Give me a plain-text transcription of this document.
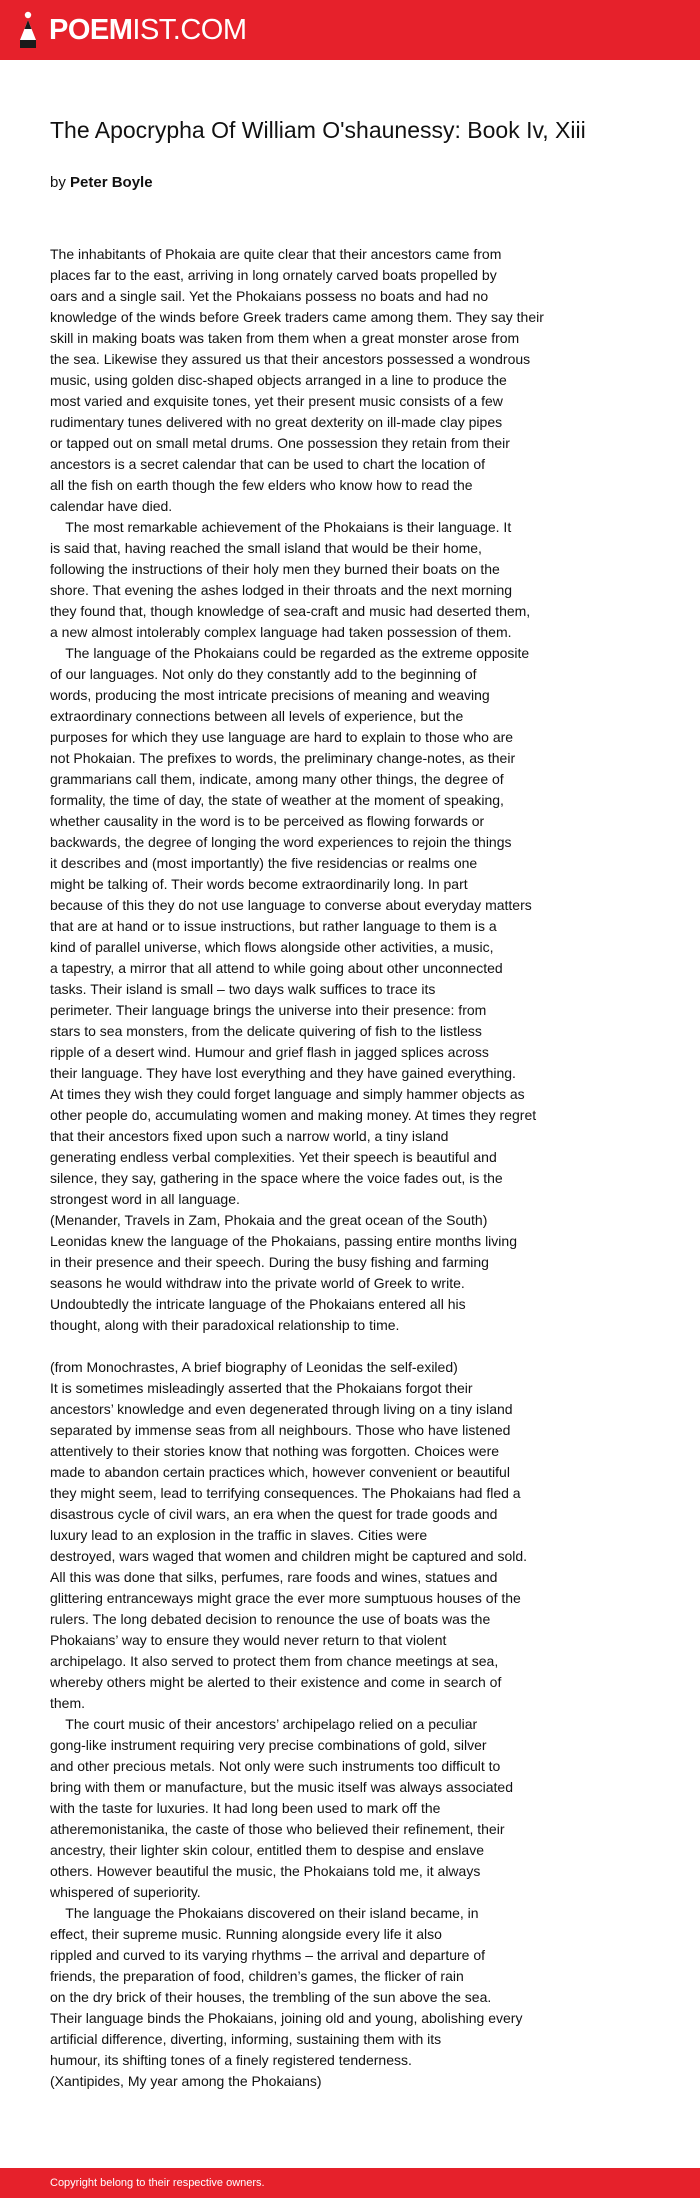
POEMIST.COM
The Apocrypha Of William O'shaunessy: Book Iv, Xiii
by Peter Boyle
The inhabitants of Phokaia are quite clear that their ancestors came from
places far to the east, arriving in long ornately carved boats propelled by
oars and a single sail. Yet the Phokaians possess no boats and had no
knowledge of the winds before Greek traders came among them. They say their
skill in making boats was taken from them when a great monster arose from
the sea. Likewise they assured us that their ancestors possessed a wondrous
music, using golden disc-shaped objects arranged in a line to produce the
most varied and exquisite tones, yet their present music consists of a few
rudimentary tunes delivered with no great dexterity on ill-made clay pipes
or tapped out on small metal drums. One possession they retain from their
ancestors is a secret calendar that can be used to chart the location of
all the fish on earth though the few elders who know how to read the
calendar have died.
The most remarkable achievement of the Phokaians is their language. It
is said that, having reached the small island that would be their home,
following the instructions of their holy men they burned their boats on the
shore. That evening the ashes lodged in their throats and the next morning
they found that, though knowledge of sea-craft and music had deserted them,
a new almost intolerably complex language had taken possession of them.
The language of the Phokaians could be regarded as the extreme opposite
of our languages. Not only do they constantly add to the beginning of
words, producing the most intricate precisions of meaning and weaving
extraordinary connections between all levels of experience, but the
purposes for which they use language are hard to explain to those who are
not Phokaian. The prefixes to words, the preliminary change-notes, as their
grammarians call them, indicate, among many other things, the degree of
formality, the time of day, the state of weather at the moment of speaking,
whether causality in the word is to be perceived as flowing forwards or
backwards, the degree of longing the word experiences to rejoin the things
it describes and (most importantly) the five residencias or realms one
might be talking of. Their words become extraordinarily long. In part
because of this they do not use language to converse about everyday matters
that are at hand or to issue instructions, but rather language to them is a
kind of parallel universe, which flows alongside other activities, a music,
a tapestry, a mirror that all attend to while going about other unconnected
tasks. Their island is small – two days walk suffices to trace its
perimeter. Their language brings the universe into their presence: from
stars to sea monsters, from the delicate quivering of fish to the listless
ripple of a desert wind. Humour and grief flash in jagged splices across
their language. They have lost everything and they have gained everything.
At times they wish they could forget language and simply hammer objects as
other people do, accumulating women and making money. At times they regret
that their ancestors fixed upon such a narrow world, a tiny island
generating endless verbal complexities. Yet their speech is beautiful and
silence, they say, gathering in the space where the voice fades out, is the
strongest word in all language.
(Menander, Travels in Zam, Phokaia and the great ocean of the South)
Leonidas knew the language of the Phokaians, passing entire months living
in their presence and their speech. During the busy fishing and farming
seasons he would withdraw into the private world of Greek to write.
Undoubtedly the intricate language of the Phokaians entered all his
thought, along with their paradoxical relationship to time.
(from Monochrastes, A brief biography of Leonidas the self-exiled)
It is sometimes misleadingly asserted that the Phokaians forgot their
ancestors’ knowledge and even degenerated through living on a tiny island
separated by immense seas from all neighbours. Those who have listened
attentively to their stories know that nothing was forgotten. Choices were
made to abandon certain practices which, however convenient or beautiful
they might seem, lead to terrifying consequences. The Phokaians had fled a
disastrous cycle of civil wars, an era when the quest for trade goods and
luxury lead to an explosion in the traffic in slaves. Cities were
destroyed, wars waged that women and children might be captured and sold.
All this was done that silks, perfumes, rare foods and wines, statues and
glittering entranceways might grace the ever more sumptuous houses of the
rulers. The long debated decision to renounce the use of boats was the
Phokaians’ way to ensure they would never return to that violent
archipelago. It also served to protect them from chance meetings at sea,
whereby others might be alerted to their existence and come in search of
them.
The court music of their ancestors’ archipelago relied on a peculiar
gong-like instrument requiring very precise combinations of gold, silver
and other precious metals. Not only were such instruments too difficult to
bring with them or manufacture, but the music itself was always associated
with the taste for luxuries. It had long been used to mark off the
atheremonistanika, the caste of those who believed their refinement, their
ancestry, their lighter skin colour, entitled them to despise and enslave
others. However beautiful the music, the Phokaians told me, it always
whispered of superiority.
The language the Phokaians discovered on their island became, in
effect, their supreme music. Running alongside every life it also
rippled and curved to its varying rhythms – the arrival and departure of
friends, the preparation of food, children’s games, the flicker of rain
on the dry brick of their houses, the trembling of the sun above the sea.
Their language binds the Phokaians, joining old and young, abolishing every
artificial difference, diverting, informing, sustaining them with its
humour, its shifting tones of a finely registered tenderness.
(Xantipides, My year among the Phokaians)
Copyright belong to their respective owners.
